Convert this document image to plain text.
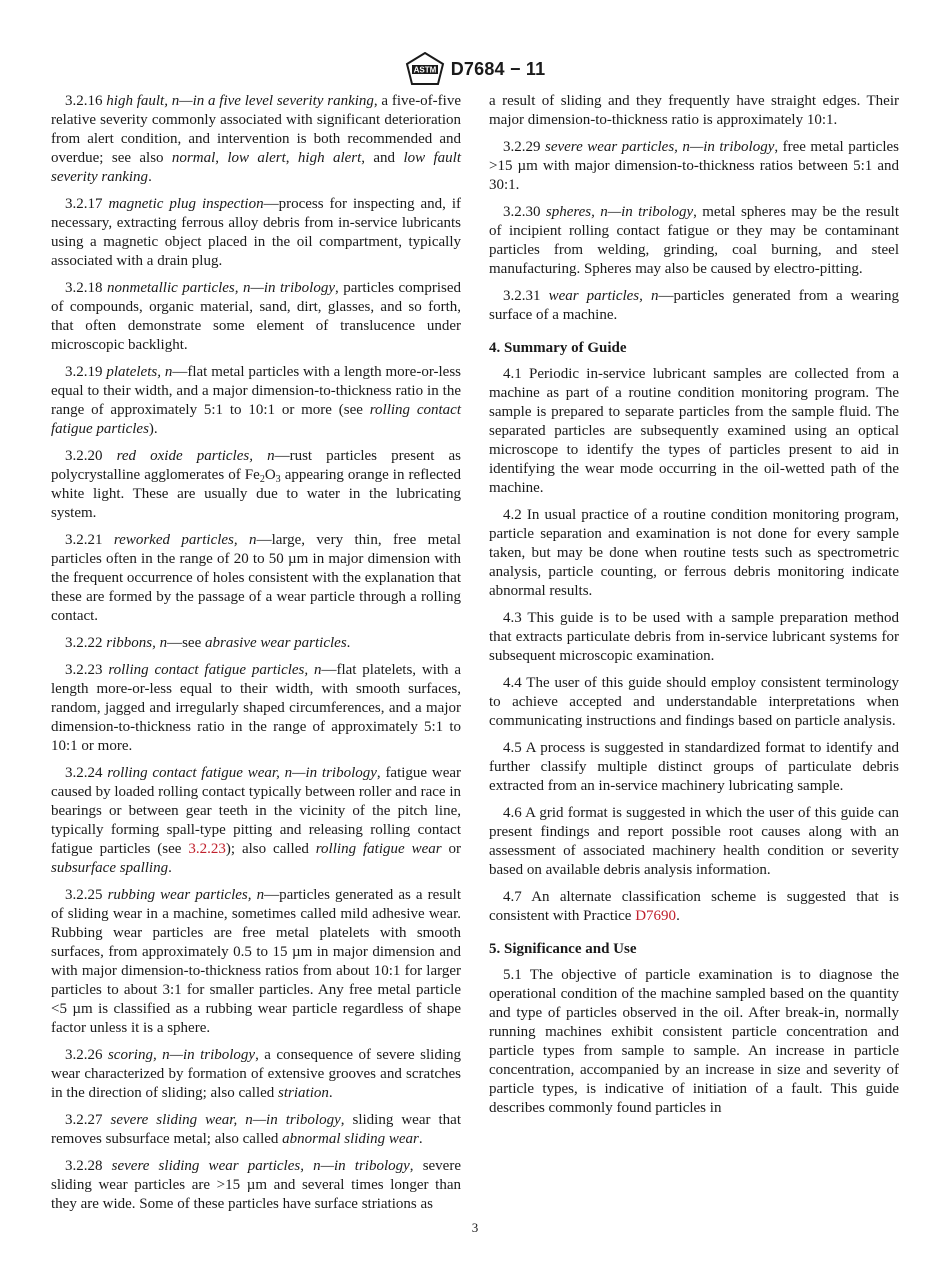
ASTM D7684 − 11

3.2.16 high fault, n—in a five level severity ranking, a five-of-five relative severity commonly associated with significant deterioration from alert condition, and intervention is both recommended and overdue; see also normal, low alert, high alert, and low fault severity ranking.

3.2.17 magnetic plug inspection—process for inspecting and, if necessary, extracting ferrous alloy debris from in-service lubricants using a magnetic object placed in the oil compartment, typically associated with a drain plug.

3.2.18 nonmetallic particles, n—in tribology, particles comprised of compounds, organic material, sand, dirt, glasses, and so forth, that often demonstrate some element of translucence under microscopic backlight.

3.2.19 platelets, n—flat metal particles with a length more-or-less equal to their width, and a major dimension-to-thickness ratio in the range of approximately 5:1 to 10:1 or more (see rolling contact fatigue particles).

3.2.20 red oxide particles, n—rust particles present as polycrystalline agglomerates of $Fe_2O_3$ appearing orange in reflected white light. These are usually due to water in the lubricating system.

3.2.21 reworked particles, n—large, very thin, free metal particles often in the range of 20 to 50 µm in major dimension with the frequent occurrence of holes consistent with the explanation that these are formed by the passage of a wear particle through a rolling contact.

3.2.22 ribbons, n—see abrasive wear particles.

3.2.23 rolling contact fatigue particles, n—flat platelets, with a length more-or-less equal to their width, with smooth surfaces, random, jagged and irregularly shaped circumferences, and a major dimension-to-thickness ratio in the range of approximately 5:1 to 10:1 or more.

3.2.24 rolling contact fatigue wear, n—in tribology, fatigue wear caused by loaded rolling contact typically between roller and race in bearings or between gear teeth in the vicinity of the pitch line, typically forming spall-type pitting and releasing rolling contact fatigue particles (see 3.2.23); also called rolling fatigue wear or subsurface spalling.

3.2.25 rubbing wear particles, n—particles generated as a result of sliding wear in a machine, sometimes called mild adhesive wear. Rubbing wear particles are free metal platelets with smooth surfaces, from approximately 0.5 to 15 µm in major dimension and with major dimension-to-thickness ratios from about 10:1 for larger particles to about 3:1 for smaller particles. Any free metal particle <5 µm is classified as a rubbing wear particle regardless of shape factor unless it is a sphere.

3.2.26 scoring, n—in tribology, a consequence of severe sliding wear characterized by formation of extensive grooves and scratches in the direction of sliding; also called striation.

3.2.27 severe sliding wear, n—in tribology, sliding wear that removes subsurface metal; also called abnormal sliding wear.

3.2.28 severe sliding wear particles, n—in tribology, severe sliding wear particles are >15 µm and several times longer than they are wide. Some of these particles have surface striations as

a result of sliding and they frequently have straight edges. Their major dimension-to-thickness ratio is approximately 10:1.

3.2.29 severe wear particles, n—in tribology, free metal particles >15 µm with major dimension-to-thickness ratios between 5:1 and 30:1.

3.2.30 spheres, n—in tribology, metal spheres may be the result of incipient rolling contact fatigue or they may be contaminant particles from welding, grinding, coal burning, and steel manufacturing. Spheres may also be caused by electro-pitting.

3.2.31 wear particles, n—particles generated from a wearing surface of a machine.

4. Summary of Guide

4.1 Periodic in-service lubricant samples are collected from a machine as part of a routine condition monitoring program. The sample is prepared to separate particles from the sample fluid. The separated particles are subsequently examined using an optical microscope to identify the types of particles present to aid in identifying the wear mode occurring in the oil-wetted path of the machine.

4.2 In usual practice of a routine condition monitoring program, particle separation and examination is not done for every sample taken, but may be done when routine tests such as spectrometric analysis, particle counting, or ferrous debris monitoring indicate abnormal results.

4.3 This guide is to be used with a sample preparation method that extracts particulate debris from in-service lubricant systems for subsequent microscopic examination.

4.4 The user of this guide should employ consistent terminology to achieve accepted and understandable interpretations when communicating instructions and findings based on particle analysis.

4.5 A process is suggested in standardized format to identify and further classify multiple distinct groups of particulate debris extracted from an in-service machinery lubricating sample.

4.6 A grid format is suggested in which the user of this guide can present findings and report possible root causes along with an assessment of associated machinery health condition or severity based on available debris analysis information.

4.7 An alternate classification scheme is suggested that is consistent with Practice D7690.

5. Significance and Use

5.1 The objective of particle examination is to diagnose the operational condition of the machine sampled based on the quantity and type of particles observed in the oil. After break-in, normally running machines exhibit consistent particle concentration and particle types from sample to sample. An increase in particle concentration, accompanied by an increase in size and severity of particle types, is indicative of initiation of a fault. This guide describes commonly found particles in

3
